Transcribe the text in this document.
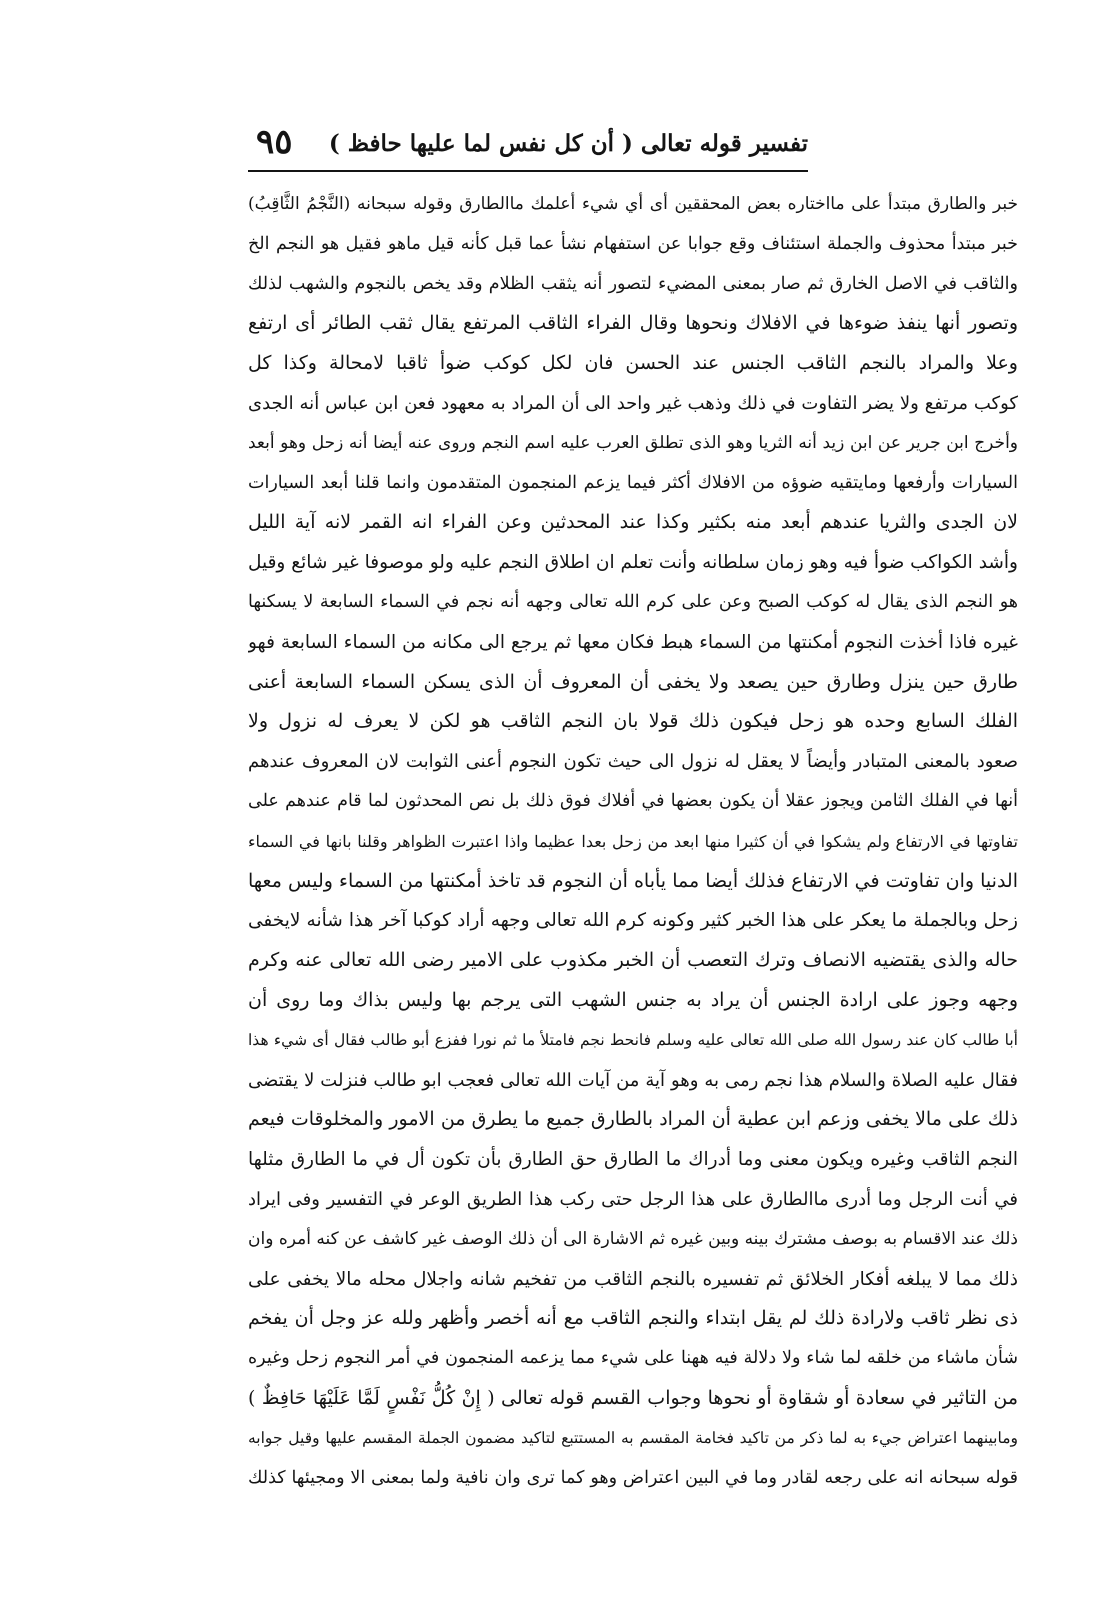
تفسير قوله تعالى ( أن كل نفس لما عليها حافظ )
٩٥
خبر والطارق مبتدأ على مااختاره بعض المحققين أى أي شيء أعلمك ماالطارق وقوله سبحانه (النَّجْمُ الثَّاقِبُ)
خبر مبتدأ محذوف والجملة استئناف وقع جوابا عن استفهام نشأ عما قبل كأنه قيل ماهو فقيل هو النجم الخ
والثاقب في الاصل الخارق ثم صار بمعنى المضيء لتصور أنه يثقب الظلام وقد يخص بالنجوم والشهب لذلك
وتصور أنها ينفذ ضوءها في الافلاك ونحوها وقال الفراء الثاقب المرتفع يقال ثقب الطائر أى ارتفع
وعلا والمراد بالنجم الثاقب الجنس عند الحسن فان لكل كوكب ضوأ ثاقبا لامحالة وكذا كل
كوكب مرتفع ولا يضر التفاوت في ذلك وذهب غير واحد الى أن المراد به معهود فعن ابن عباس أنه الجدى
وأخرج ابن جرير عن ابن زيد أنه الثريا وهو الذى تطلق العرب عليه اسم النجم وروى عنه أيضا أنه زحل وهو أبعد
السيارات وأرفعها ومايتقيه ضوؤه من الافلاك أكثر فيما يزعم المنجمون المتقدمون وانما قلنا أبعد السيارات
لان الجدى والثريا عندهم أبعد منه بكثير وكذا عند المحدثين وعن الفراء انه القمر لانه آية الليل
وأشد الكواكب ضوأ فيه وهو زمان سلطانه وأنت تعلم ان اطلاق النجم عليه ولو موصوفا غير شائع وقيل
هو النجم الذى يقال له كوكب الصبح وعن على كرم الله تعالى وجهه أنه نجم في السماء السابعة لا يسكنها
غيره فاذا أخذت النجوم أمكنتها من السماء هبط فكان معها ثم يرجع الى مكانه من السماء السابعة فهو
طارق حين ينزل وطارق حين يصعد ولا يخفى أن المعروف أن الذى يسكن السماء السابعة أعنى
الفلك السابع وحده هو زحل فيكون ذلك قولا بان النجم الثاقب هو لكن لا يعرف له نزول ولا
صعود بالمعنى المتبادر وأيضاً لا يعقل له نزول الى حيث تكون النجوم أعنى الثوابت لان المعروف عندهم
أنها في الفلك الثامن ويجوز عقلا أن يكون بعضها في أفلاك فوق ذلك بل نص المحدثون لما قام عندهم على
تفاوتها في الارتفاع ولم يشكوا في أن كثيرا منها ابعد من زحل بعدا عظيما واذا اعتبرت الظواهر وقلنا بانها في السماء
الدنيا وان تفاوتت في الارتفاع فذلك أيضا مما يأباه أن النجوم قد تاخذ أمكنتها من السماء وليس معها
زحل وبالجملة ما يعكر على هذا الخبر كثير وكونه كرم الله تعالى وجهه أراد كوكبا آخر هذا شأنه لايخفى
حاله والذى يقتضيه الانصاف وترك التعصب أن الخبر مكذوب على الامير رضى الله تعالى عنه وكرم
وجهه وجوز على ارادة الجنس أن يراد به جنس الشهب التى يرجم بها وليس بذاك وما روى أن
أبا طالب كان عند رسول الله صلى الله تعالى عليه وسلم فانحط نجم فامتلأ ما ثم نورا ففزع أبو طالب فقال أى شيء هذا
فقال عليه الصلاة والسلام هذا نجم رمى به وهو آية من آيات الله تعالى فعجب ابو طالب فنزلت لا يقتضى
ذلك على مالا يخفى وزعم ابن عطية أن المراد بالطارق جميع ما يطرق من الامور والمخلوقات فيعم
النجم الثاقب وغيره ويكون معنى وما أدراك ما الطارق حق الطارق بأن تكون أل في ما الطارق مثلها
في أنت الرجل وما أدرى ماالطارق على هذا الرجل حتى ركب هذا الطريق الوعر في التفسير وفى ايراد
ذلك عند الاقسام به بوصف مشترك بينه وبين غيره ثم الاشارة الى أن ذلك الوصف غير كاشف عن كنه أمره وان
ذلك مما لا يبلغه أفكار الخلائق ثم تفسيره بالنجم الثاقب من تفخيم شانه واجلال محله مالا يخفى على
ذى نظر ثاقب ولارادة ذلك لم يقل ابتداء والنجم الثاقب مع أنه أخصر وأظهر ولله عز وجل أن يفخم
شأن ماشاء من خلقه لما شاء ولا دلالة فيه ههنا على شيء مما يزعمه المنجمون في أمر النجوم زحل وغيره
من التاثير في سعادة أو شقاوة أو نحوها وجواب القسم قوله تعالى ( إِنْ كُلُّ نَفْسٍ لَمَّا عَلَيْهَا حَافِظٌ )
ومابينهما اعتراض جيء به لما ذكر من تاكيد فخامة المقسم به المستتبع لتاكيد مضمون الجملة المقسم عليها وقيل جوابه
قوله سبحانه انه على رجعه لقادر وما في البين اعتراض وهو كما ترى وان نافية ولما بمعنى الا ومجيئها كذلك
